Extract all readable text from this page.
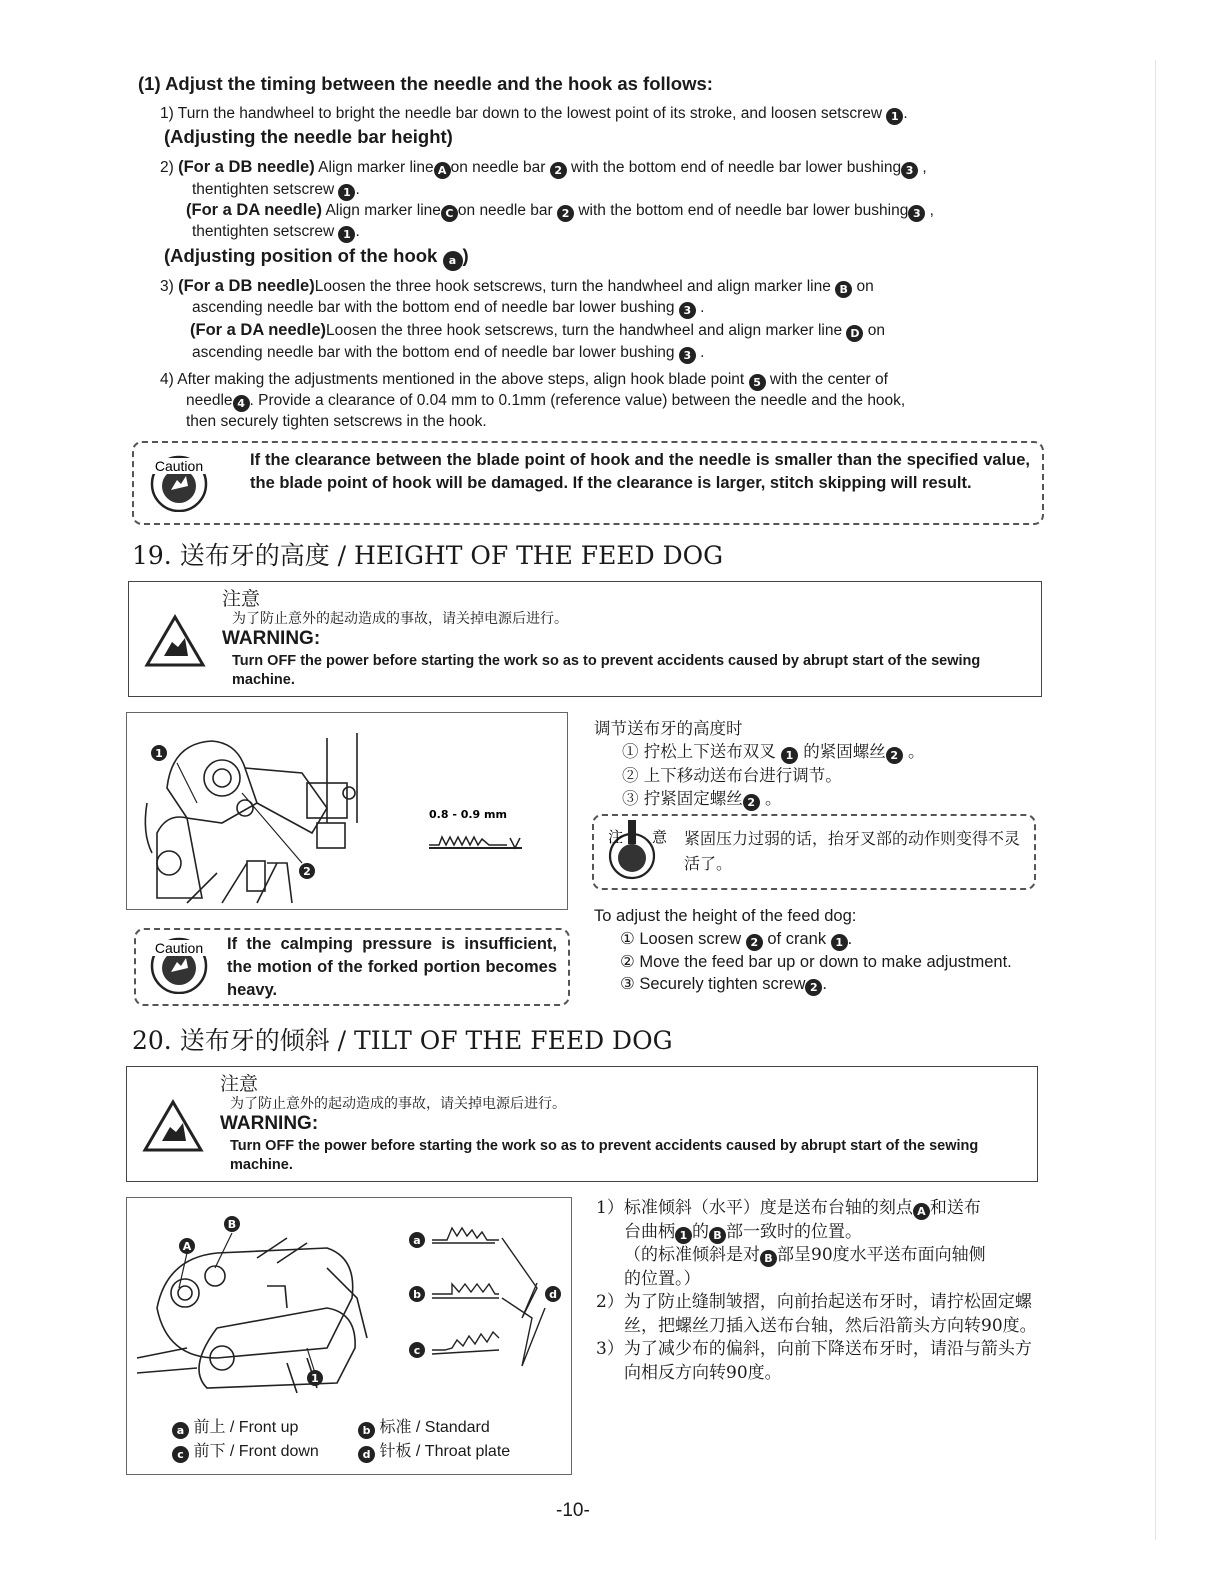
(1) Adjust the timing between the needle and the hook as follows:
1) Turn the handwheel to bright the needle bar down to the lowest point of its stroke, and loosen setscrew 1 .
(Adjusting the needle bar height)
2) (For a DB needle) Align marker line A on needle bar 2 with the bottom end of needle bar lower bushing 3 ,
thentighten setscrew 1 .
(For a DA needle) Align marker line C on needle bar 2 with the bottom end of needle bar lower bushing 3 ,
thentighten setscrew 1 .
(Adjusting position of the hook a )
3) (For a DB needle)Loosen the three hook setscrews, turn the handwheel and align marker line B on
ascending needle bar with the bottom end of needle bar lower bushing 3 .
(For a DA needle)Loosen the three hook setscrews, turn the handwheel and align marker line D on
ascending needle bar with the bottom end of needle bar lower bushing 3 .
4) After making the adjustments mentioned in the above steps, align hook blade point 5 with the center of
needle 4 . Provide a clearance of 0.04 mm to 0.1mm (reference value) between the needle and the hook,
then securely tighten setscrews in the hook.
Caution	If the clearance between the blade point of hook and the needle is smaller than the specified value, the blade point of hook will be damaged. If the clearance is larger, stitch skipping will result.
19. 送布牙的高度 / HEIGHT OF THE FEED DOG
注意
为了防止意外的起动造成的事故，请关掉电源后进行。
WARNING:
Turn OFF the power before starting the work so as to prevent accidents caused by abrupt start of the sewing machine.
1
2
0.8 - 0.9 mm
调节送布牙的高度时
① 拧松上下送布双叉 1 的紧固螺丝 2 。
② 上下移动送布台进行调节。
③ 拧紧固定螺丝 2 。
注 意 紧固压力过弱的话，抬牙叉部的动作则变得不灵活了。
To adjust the height of the feed dog:
① Loosen screw 2 of crank 1 .
② Move the feed bar up or down to make adjustment.
③ Securely tighten screw 2 .
Caution If the calmping pressure is insufficient, the motion of the forked portion becomes heavy.
20. 送布牙的倾斜 / TILT OF THE FEED DOG
注意
为了防止意外的起动造成的事故，请关掉电源后进行。
WARNING:
Turn OFF the power before starting the work so as to prevent accidents caused by abrupt start of the sewing machine.
B
A
1
a
b
c
d
a 前上 / Front up	b 标准 / Standard
c 前下 / Front down	d 针板 / Throat plate
1）标准倾斜（水平）度是送布台轴的刻点 A 和送布
台曲柄 1 的 B 部一致时的位置。
（的标准倾斜是对 B 部呈90度水平送布面向轴侧
的位置。）
2）为了防止缝制皱摺，向前抬起送布牙时，请拧松固定螺丝，把螺丝刀插入送布台轴，然后沿箭头方向转90度。
3）为了减少布的偏斜，向前下降送布牙时，请沿与箭头方向相反方向转90度。
-10-
